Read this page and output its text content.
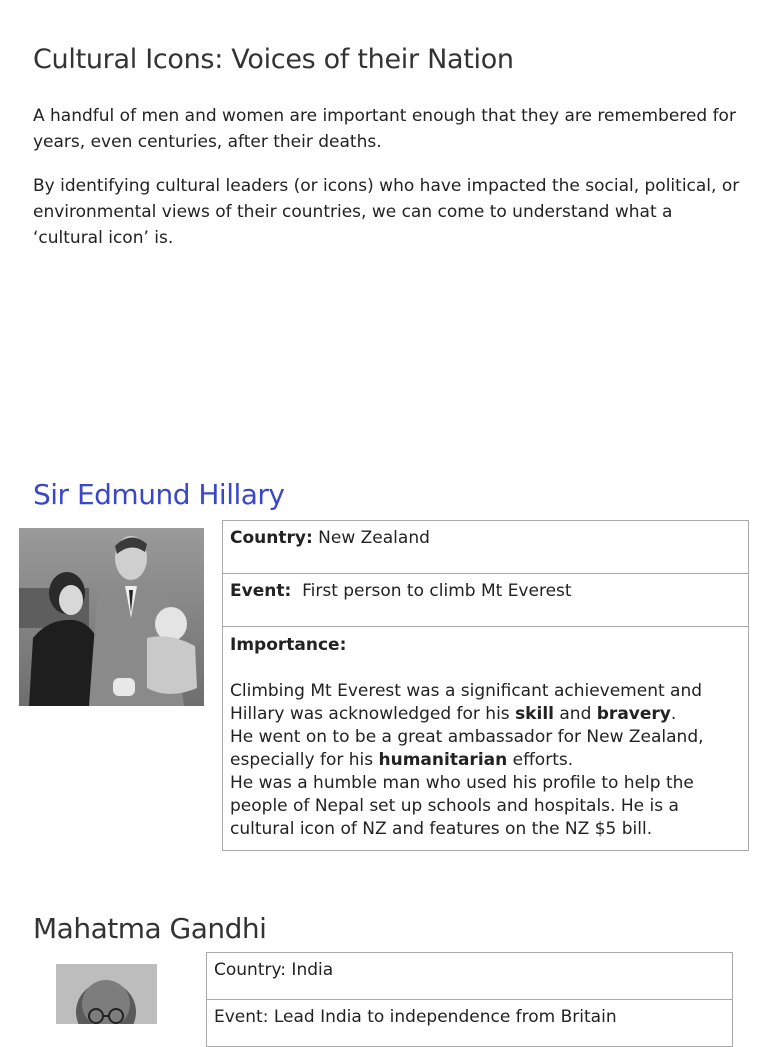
Cultural Icons: Voices of their Nation

A handful of men and women are important enough that they are remembered for years, even centuries, after their deaths.

By identifying cultural leaders (or icons) who have impacted the social, political, or environmental views of their countries, we can come to understand what a ‘cultural icon’ is.

Sir Edmund Hillary
Country: New Zealand
Event: First person to climb Mt Everest
Importance:
Climbing Mt Everest was a significant achievement and Hillary was acknowledged for his skill and bravery.
He went on to be a great ambassador for New Zealand, especially for his humanitarian efforts.
He was a humble man who used his profile to help the people of Nepal set up schools and hospitals. He is a cultural icon of NZ and features on the NZ $5 bill.
Mahatma Gandhi
Country: India
Event: Lead India to independence from Britain
